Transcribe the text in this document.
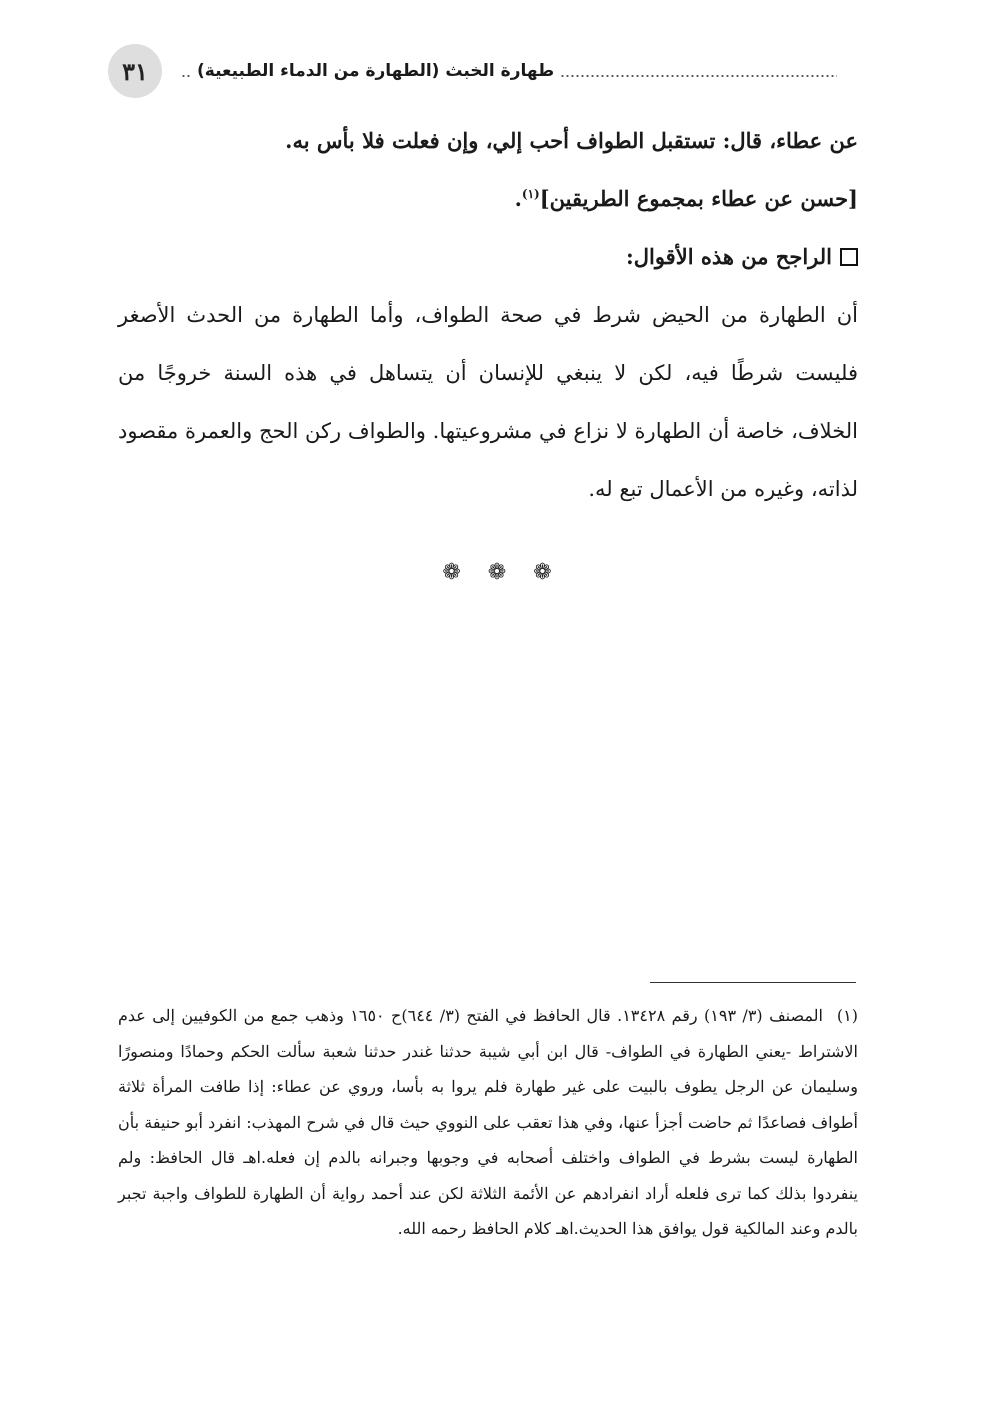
٣١	طهارة الخبث (الطهارة من الدماء الطبيعية)

عن عطاء، قال: تستقبل الطواف أحب إلي، وإن فعلت فلا بأس به.

[حسن عن عطاء بمجموع الطريقين]$^{(١)}$.

الراجح من هذه الأقوال:

أن الطهارة من الحيض شرط في صحة الطواف، وأما الطهارة من الحدث الأصغر فليست شرطًا فيه، لكن لا ينبغي للإنسان أن يتساهل في هذه السنة خروجًا من الخلاف، خاصة أن الطهارة لا نزاع في مشروعيتها. والطواف ركن الحج والعمرة مقصود لذاته، وغيره من الأعمال تبع له.

❁ ❁ ❁
(١)
المصنف (٣/ ١٩٣) رقم ١٣٤٢٨. قال الحافظ في الفتح (٣/ ٦٤٤)ح ١٦٥٠ وذهب جمع من الكوفيين إلى عدم الاشتراط -يعني الطهارة في الطواف- قال ابن أبي شيبة حدثنا غندر حدثنا شعبة سألت الحكم وحمادًا ومنصورًا وسليمان عن الرجل يطوف بالبيت على غير طهارة فلم يروا به بأسا، وروي عن عطاء: إذا طافت المرأة ثلاثة أطواف فصاعدًا ثم حاضت أجزأ عنها، وفي هذا تعقب على النووي حيث قال في شرح المهذب: انفرد أبو حنيفة بأن الطهارة ليست بشرط في الطواف واختلف أصحابه في وجوبها وجبرانه بالدم إن فعله.اهـ قال الحافظ: ولم ينفردوا بذلك كما ترى فلعله أراد انفرادهم عن الأئمة الثلاثة لكن عند أحمد رواية أن الطهارة للطواف واجبة تجبر بالدم وعند المالكية قول يوافق هذا الحديث.اهـ كلام الحافظ رحمه الله.
